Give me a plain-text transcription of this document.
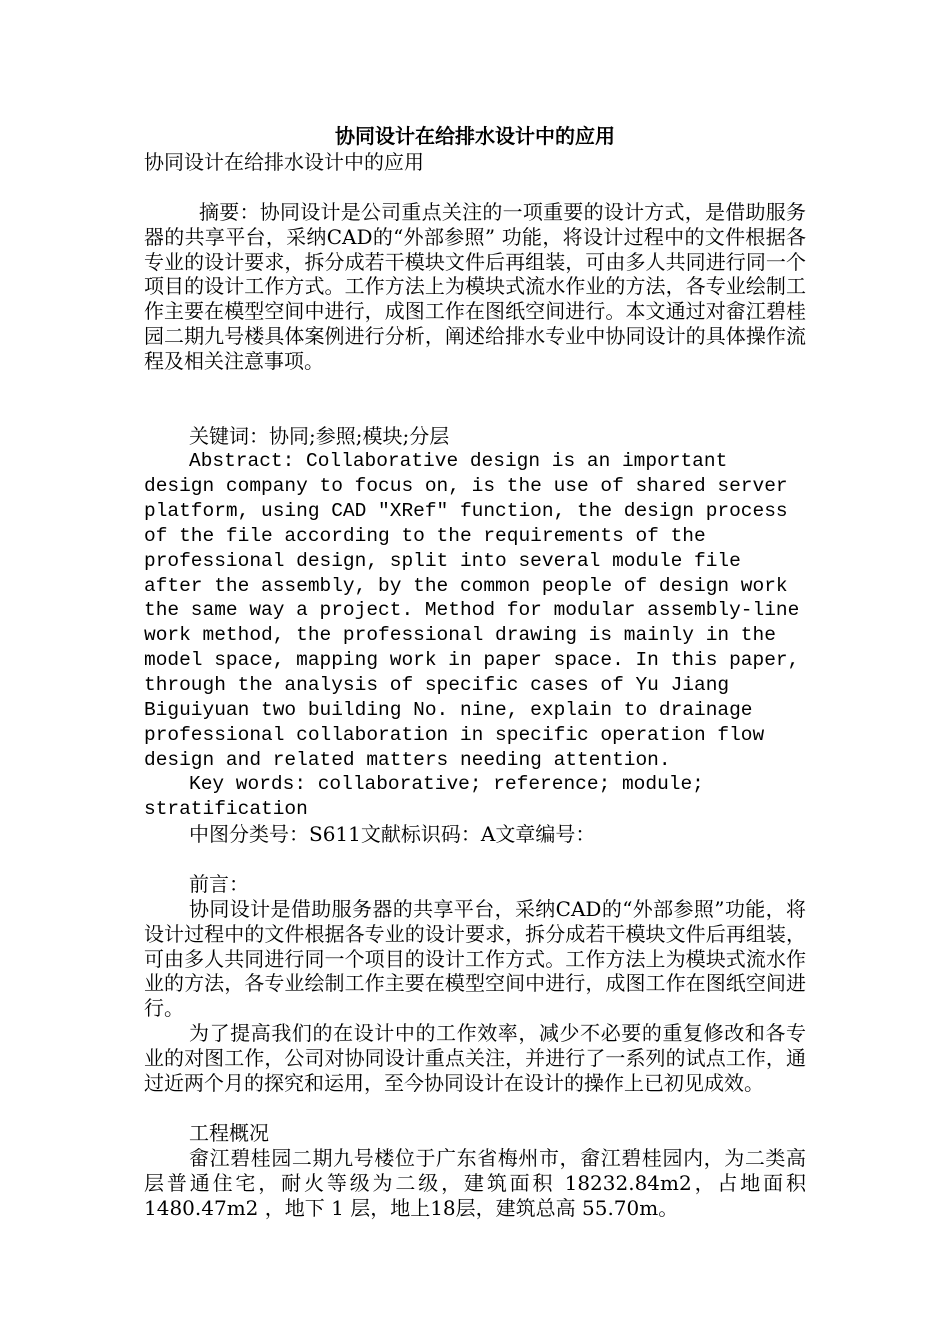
协同设计在给排水设计中的应用
协同设计在给排水设计中的应用
摘要：协同设计是公司重点关注的一项重要的设计方式，是借助服务器的共享平台，采纳CAD的“外部参照” 功能，将设计过程中的文件根据各专业的设计要求，拆分成若干模块文件后再组装，可由多人共同进行同一个项目的设计工作方式。工作方法上为模块式流水作业的方法，各专业绘制工作主要在模型空间中进行，成图工作在图纸空间进行。本文通过对畲江碧桂园二期九号楼具体案例进行分析，阐述给排水专业中协同设计的具体操作流程及相关注意事项。
关键词：协同;参照;模块;分层
Abstract: Collaborative design is an important design company to focus on, is the use of shared server platform, using CAD "XRef" function, the design process of the file according to the requirements of the professional design, split into several module file after the assembly, by the common people of design work the same way a project. Method for modular assembly-line work method, the professional drawing is mainly in the model space, mapping work in paper space. In this paper, through the analysis of specific cases of Yu Jiang Biguiyuan two building No. nine, explain to drainage professional collaboration in specific operation flow design and related matters needing attention.
Key words: collaborative; reference; module; stratification
中图分类号：S611文献标识码：A文章编号：
前言：
协同设计是借助服务器的共享平台，采纳CAD的“外部参照”功能，将设计过程中的文件根据各专业的设计要求，拆分成若干模块文件后再组装，可由多人共同进行同一个项目的设计工作方式。工作方法上为模块式流水作业的方法，各专业绘制工作主要在模型空间中进行，成图工作在图纸空间进行。
为了提高我们的在设计中的工作效率，减少不必要的重复修改和各专业的对图工作，公司对协同设计重点关注，并进行了一系列的试点工作，通过近两个月的探究和运用，至今协同设计在设计的操作上已初见成效。
工程概况
畲江碧桂园二期九号楼位于广东省梅州市，畲江碧桂园内，为二类高层普通住宅，耐火等级为二级，建筑面积 18232.84m2，占地面积 1480.47m2 ，地下 1 层，地上18层，建筑总高 55.70m。
